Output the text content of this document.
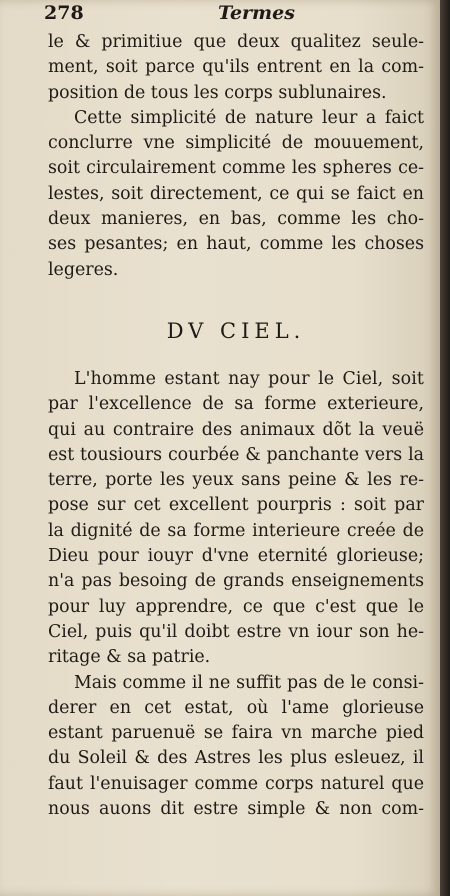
278	Termes
le & primitiue que deux qualitez seule-
ment, soit parce qu'ils entrent en la com-
position de tous les corps sublunaires.
Cette simplicité de nature leur a faict
conclurre vne simplicité de mouuement,
soit circulairement comme les spheres ce-
lestes, soit directement, ce qui se faict en
deux manieres, en bas, comme les cho-
ses pesantes; en haut, comme les choses
legeres.
DV CIEL.
L'homme estant nay pour le Ciel, soit
par l'excellence de sa forme exterieure,
qui au contraire des animaux dõt la veuë
est tousiours courbée & panchante vers la
terre, porte les yeux sans peine & les re-
pose sur cet excellent pourpris : soit par
la dignité de sa forme interieure creée de
Dieu pour iouyr d'vne eternité glorieuse;
n'a pas besoing de grands enseignements
pour luy apprendre, ce que c'est que le
Ciel, puis qu'il doibt estre vn iour son he-
ritage & sa patrie.
Mais comme il ne suffit pas de le consi-
derer en cet estat, où l'ame glorieuse
estant paruenuë se faira vn marche pied
du Soleil & des Astres les plus esleuez, il
faut l'enuisager comme corps naturel que
nous auons dit estre simple & non com-
